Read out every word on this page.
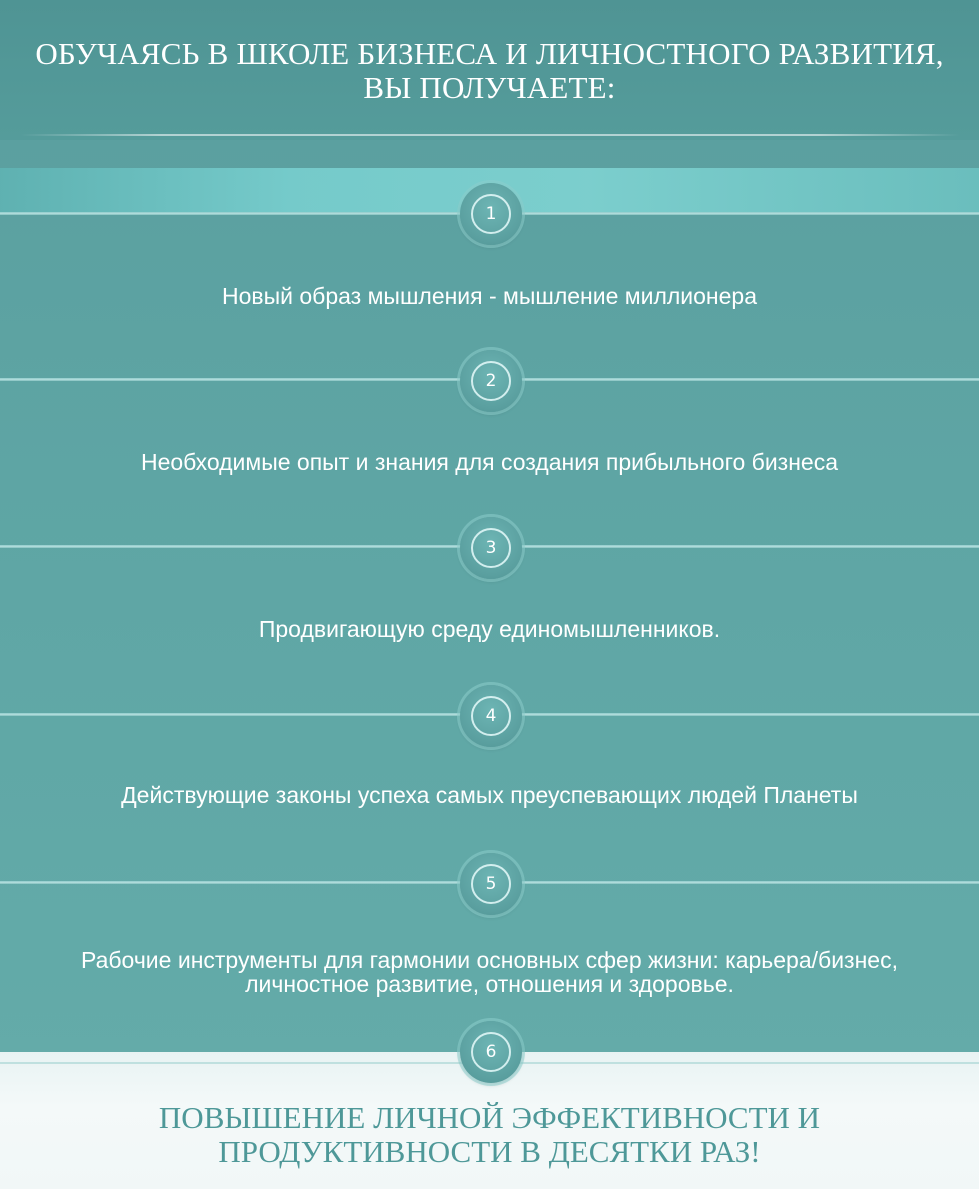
ОБУЧАЯСЬ В ШКОЛЕ БИЗНЕСА И ЛИЧНОСТНОГО РАЗВИТИЯ,
ВЫ ПОЛУЧАЕТЕ:
1

Новый образ мышления - мышление миллионера

2

Необходимые опыт и знания для создания прибыльного бизнеса

3

Продвигающую среду единомышленников.

4

Действующие законы успеха самых преуспевающих людей Планеты

5

Рабочие инструменты для гармонии основных сфер жизни: карьера/бизнес,
личностное развитие, отношения и здоровье.

6

ПОВЫШЕНИЕ ЛИЧНОЙ ЭФФЕКТИВНОСТИ И
ПРОДУКТИВНОСТИ В ДЕСЯТКИ РАЗ!
